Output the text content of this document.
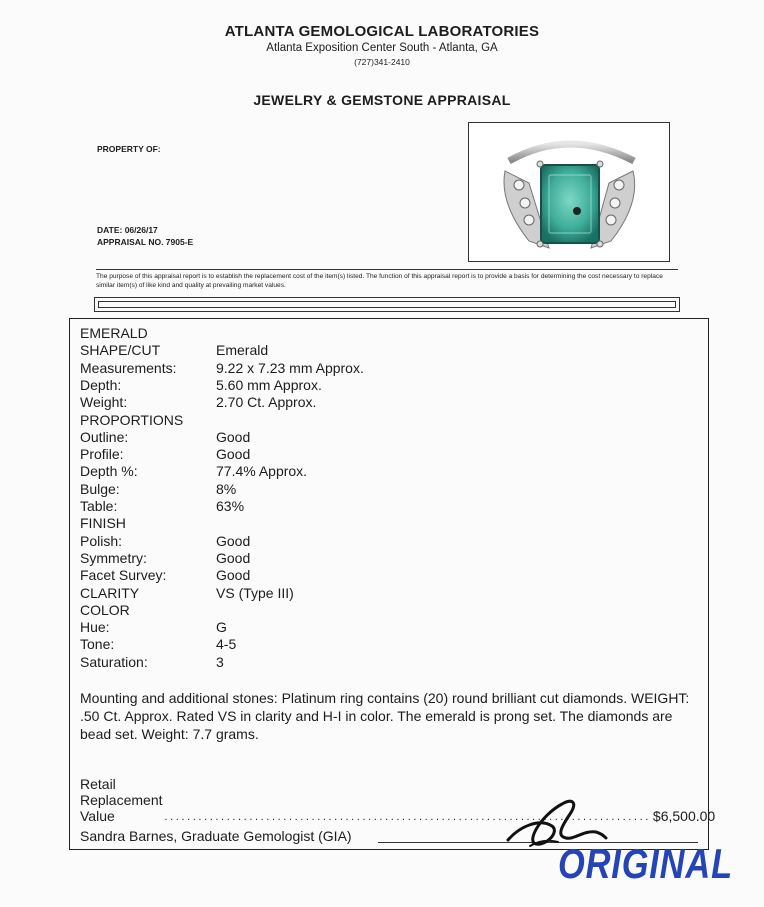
ATLANTA GEMOLOGICAL LABORATORIES
Atlanta Exposition Center South - Atlanta, GA
(727)341-2410
JEWELRY & GEMSTONE APPRAISAL
PROPERTY OF:
DATE: 06/26/17
APPRAISAL NO. 7905-E
The purpose of this appraisal report is to establish the replacement cost of the item(s) listed. The function of this appraisal report is to provide a basis for determining the cost necessary to replace similar item(s) of like kind and quality at prevailing market values.
EMERALD
SHAPE/CUT	Emerald
Measurements:	9.22 x 7.23 mm Approx.
Depth:	5.60 mm Approx.
Weight:	2.70 Ct. Approx.
PROPORTIONS
Outline:	Good
Profile:	Good
Depth %:	77.4% Approx.
Bulge:	8%
Table:	63%
FINISH
Polish:	Good
Symmetry:	Good
Facet Survey:	Good
CLARITY	VS (Type III)
COLOR
Hue:	G
Tone:	4-5
Saturation:	3
Mounting and additional stones: Platinum ring contains (20) round brilliant cut diamonds. WEIGHT: .50 Ct. Approx. Rated VS in clarity and H-I in color. The emerald is prong set. The diamonds are bead set. Weight: 7.7 grams.
Retail Replacement Value	...................................................................................... $6,500.00
Sandra Barnes, Graduate Gemologist (GIA)
ORIGINAL
